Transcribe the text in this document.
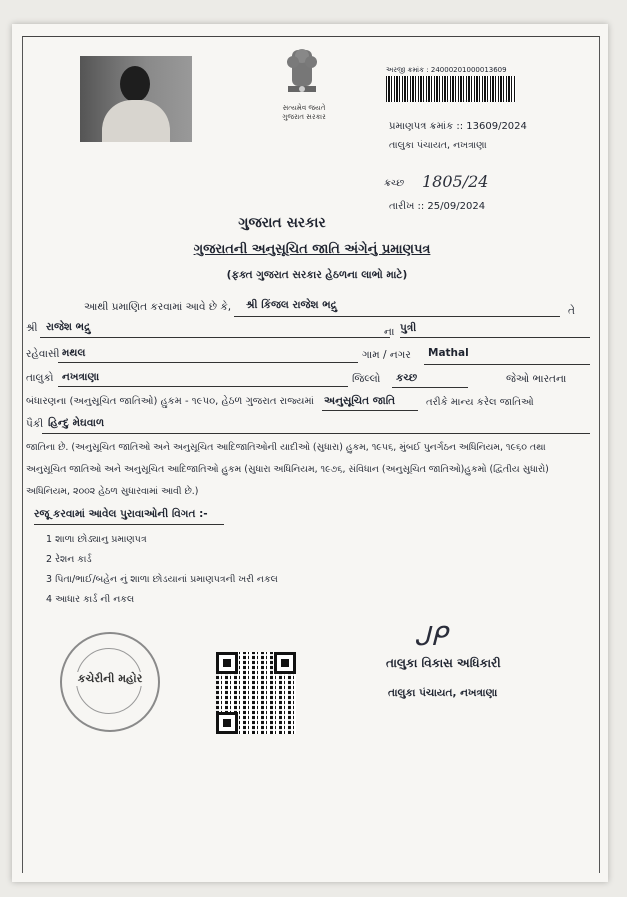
સત્યમેવ જયતે
ગુજરાત સરકાર
અરજી ક્રમાંક : 24000201000013609
પ્રમાણપત્ર ક્રમાંક :: 13609/2024
તાલુકા પંચાયત, નખત્રાણા
ક્રચ્છ 1805/24
તારીખ :: 25/09/2024
ગુજરાત સરકાર
ગુજરાતની અનુસૂચિત જાતિ અંગેનું પ્રમાણપત્ર
(ફક્ત ગુજરાત સરકાર હેઠળના લાભો માટે)
આથી પ્રમાણિત કરવામાં આવે છે કે, શ્રી કિંજલ રાજેશ ભદ્રુ	તે
શ્રી રાજેશ ભદ્રુ	ના પુત્રી
રહેવાસી મથલ	ગામ / નગર Mathal
તાલુકો નખત્રાણા	જિલ્લો કચ્છ	જેઓ ભારતના
બંધારણના (અનુસૂચિત જાતિઓ) હુકમ - ૧૯૫૦, હેઠળ ગુજરાત રાજ્યમાં અનુસૂચિત જાતિ	તરીકે માન્ય કરેલ જાતિઓ
પૈકી હિન્દુ મેઘવાળ
જાતિના છે. (અનુસૂચિત જાતિઓ અને અનુસૂચિત આદિજાતિઓની યાદીઓ (સુધારા) હુકમ, ૧૯૫૬, મુંબઈ પુનર્ગઠન અધિનિયમ, ૧૯૬૦ તથા
અનુસૂચિત જાતિઓ અને અનુસૂચિત આદિજાતિઓ હુકમ (સુધારા અધિનિયમ, ૧૯૭૬, સંવિધાન (અનુસૂચિત જાતિઓ)હુકમો (દ્વિતીય સુધારો)
અધિનિયમ, ૨૦૦૨ હેઠળ સુધારવામાં આવી છે.)
રજૂ કરવામાં આવેલ પુરાવાઓની વિગત :-
1 શાળા છોડ્યાનુ પ્રમાણપત્ર
2 રેશન કાર્ડ
3 પિતા/ભાઈ/બહેન નું શાળા છોડયાનાં પ્રમાણપત્રની ખરી નકલ
4 આધાર કાર્ડ ની નકલ
કચેરીની મહોર
ᒍᑭ
તાલુકા વિકાસ અધિકારી
તાલુકા પંચાયત, નખત્રાણા
